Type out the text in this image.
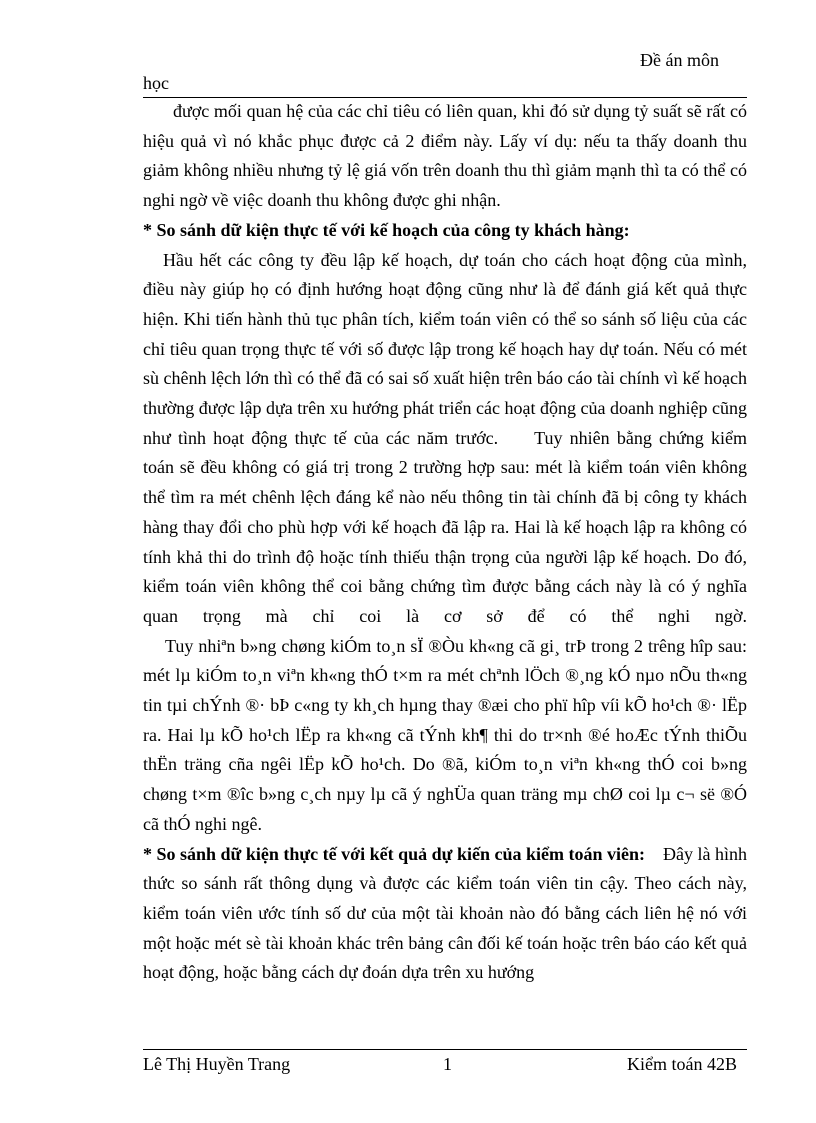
Đề án môn
học

được mối quan hệ của các chỉ tiêu có liên quan, khi đó sử dụng tỷ suất sẽ rất có hiệu quả vì nó khắc phục được cả 2 điểm này. Lấy ví dụ: nếu ta thấy doanh thu giảm không nhiều nhưng tỷ lệ giá vốn trên doanh thu thì giảm mạnh thì ta có thể có nghi ngờ về việc doanh thu không được ghi nhận.

* So sánh dữ kiện thực tế với kế hoạch của công ty khách hàng:

Hầu hết các công ty đều lập kế hoạch, dự toán cho cách hoạt động của mình, điều này giúp họ có định hướng hoạt động cũng như là để đánh giá kết quả thực hiện. Khi tiến hành thủ tục phân tích, kiểm toán viên có thể so sánh số liệu của các chỉ tiêu quan trọng thực tế với số được lập trong kế hoạch hay dự toán. Nếu có mét sù chênh lệch lớn thì có thể đã có sai số xuất hiện trên báo cáo tài chính vì kế hoạch thường được lập dựa trên xu hướng phát triển các hoạt động của doanh nghiệp cũng như tình hoạt động thực tế của các năm trước. Tuy nhiên bằng chứng kiểm toán sẽ đều không có giá trị trong 2 trường hợp sau: mét là kiểm toán viên không thể tìm ra mét chênh lệch đáng kể nào nếu thông tin tài chính đã bị công ty khách hàng thay đổi cho phù hợp với kế hoạch đã lập ra. Hai là kế hoạch lập ra không có tính khả thi do trình độ hoặc tính thiếu thận trọng của người lập kế hoạch. Do đó, kiểm toán viên không thể coi bằng chứng tìm được bằng cách này là có ý nghĩa quan trọng mà chỉ coi là cơ sở để có thể nghi ngờ.

Tuy nhiªn b»ng chøng kiÓm to¸n sÏ ®Òu kh«ng cã gi¸ trÞ trong 2 trêng hîp sau: mét lµ kiÓm to¸n viªn kh«ng thÓ t×m ra mét chªnh lÖch ®¸ng kÓ nµo nÕu th«ng tin tµi chÝnh ®· bÞ c«ng ty kh¸ch hµng thay ®æi cho phï hîp víi kÕ ho¹ch ®· lËp ra. Hai lµ kÕ ho¹ch lËp ra kh«ng cã tÝnh kh¶ thi do tr×nh ®é hoÆc tÝnh thiÕu thËn träng cña ngêi lËp kÕ ho¹ch. Do ®ã, kiÓm to¸n viªn kh«ng thÓ coi b»ng chøng t×m ®îc b»ng c¸ch nµy lµ cã ý nghÜa quan träng mµ chØ coi lµ c¬ së ®Ó cã thÓ nghi ngê.

* So sánh dữ kiện thực tế với kết quả dự kiến của kiểm toán viên: Đây là hình thức so sánh rất thông dụng và được các kiểm toán viên tin cậy. Theo cách này, kiểm toán viên ước tính số dư của một tài khoản nào đó bằng cách liên hệ nó với một hoặc mét sè tài khoản khác trên bảng cân đối kế toán hoặc trên báo cáo kết quả hoạt động, hoặc bằng cách dự đoán dựa trên xu hướng

Lê Thị Huyền Trang	1	Kiểm toán 42B
